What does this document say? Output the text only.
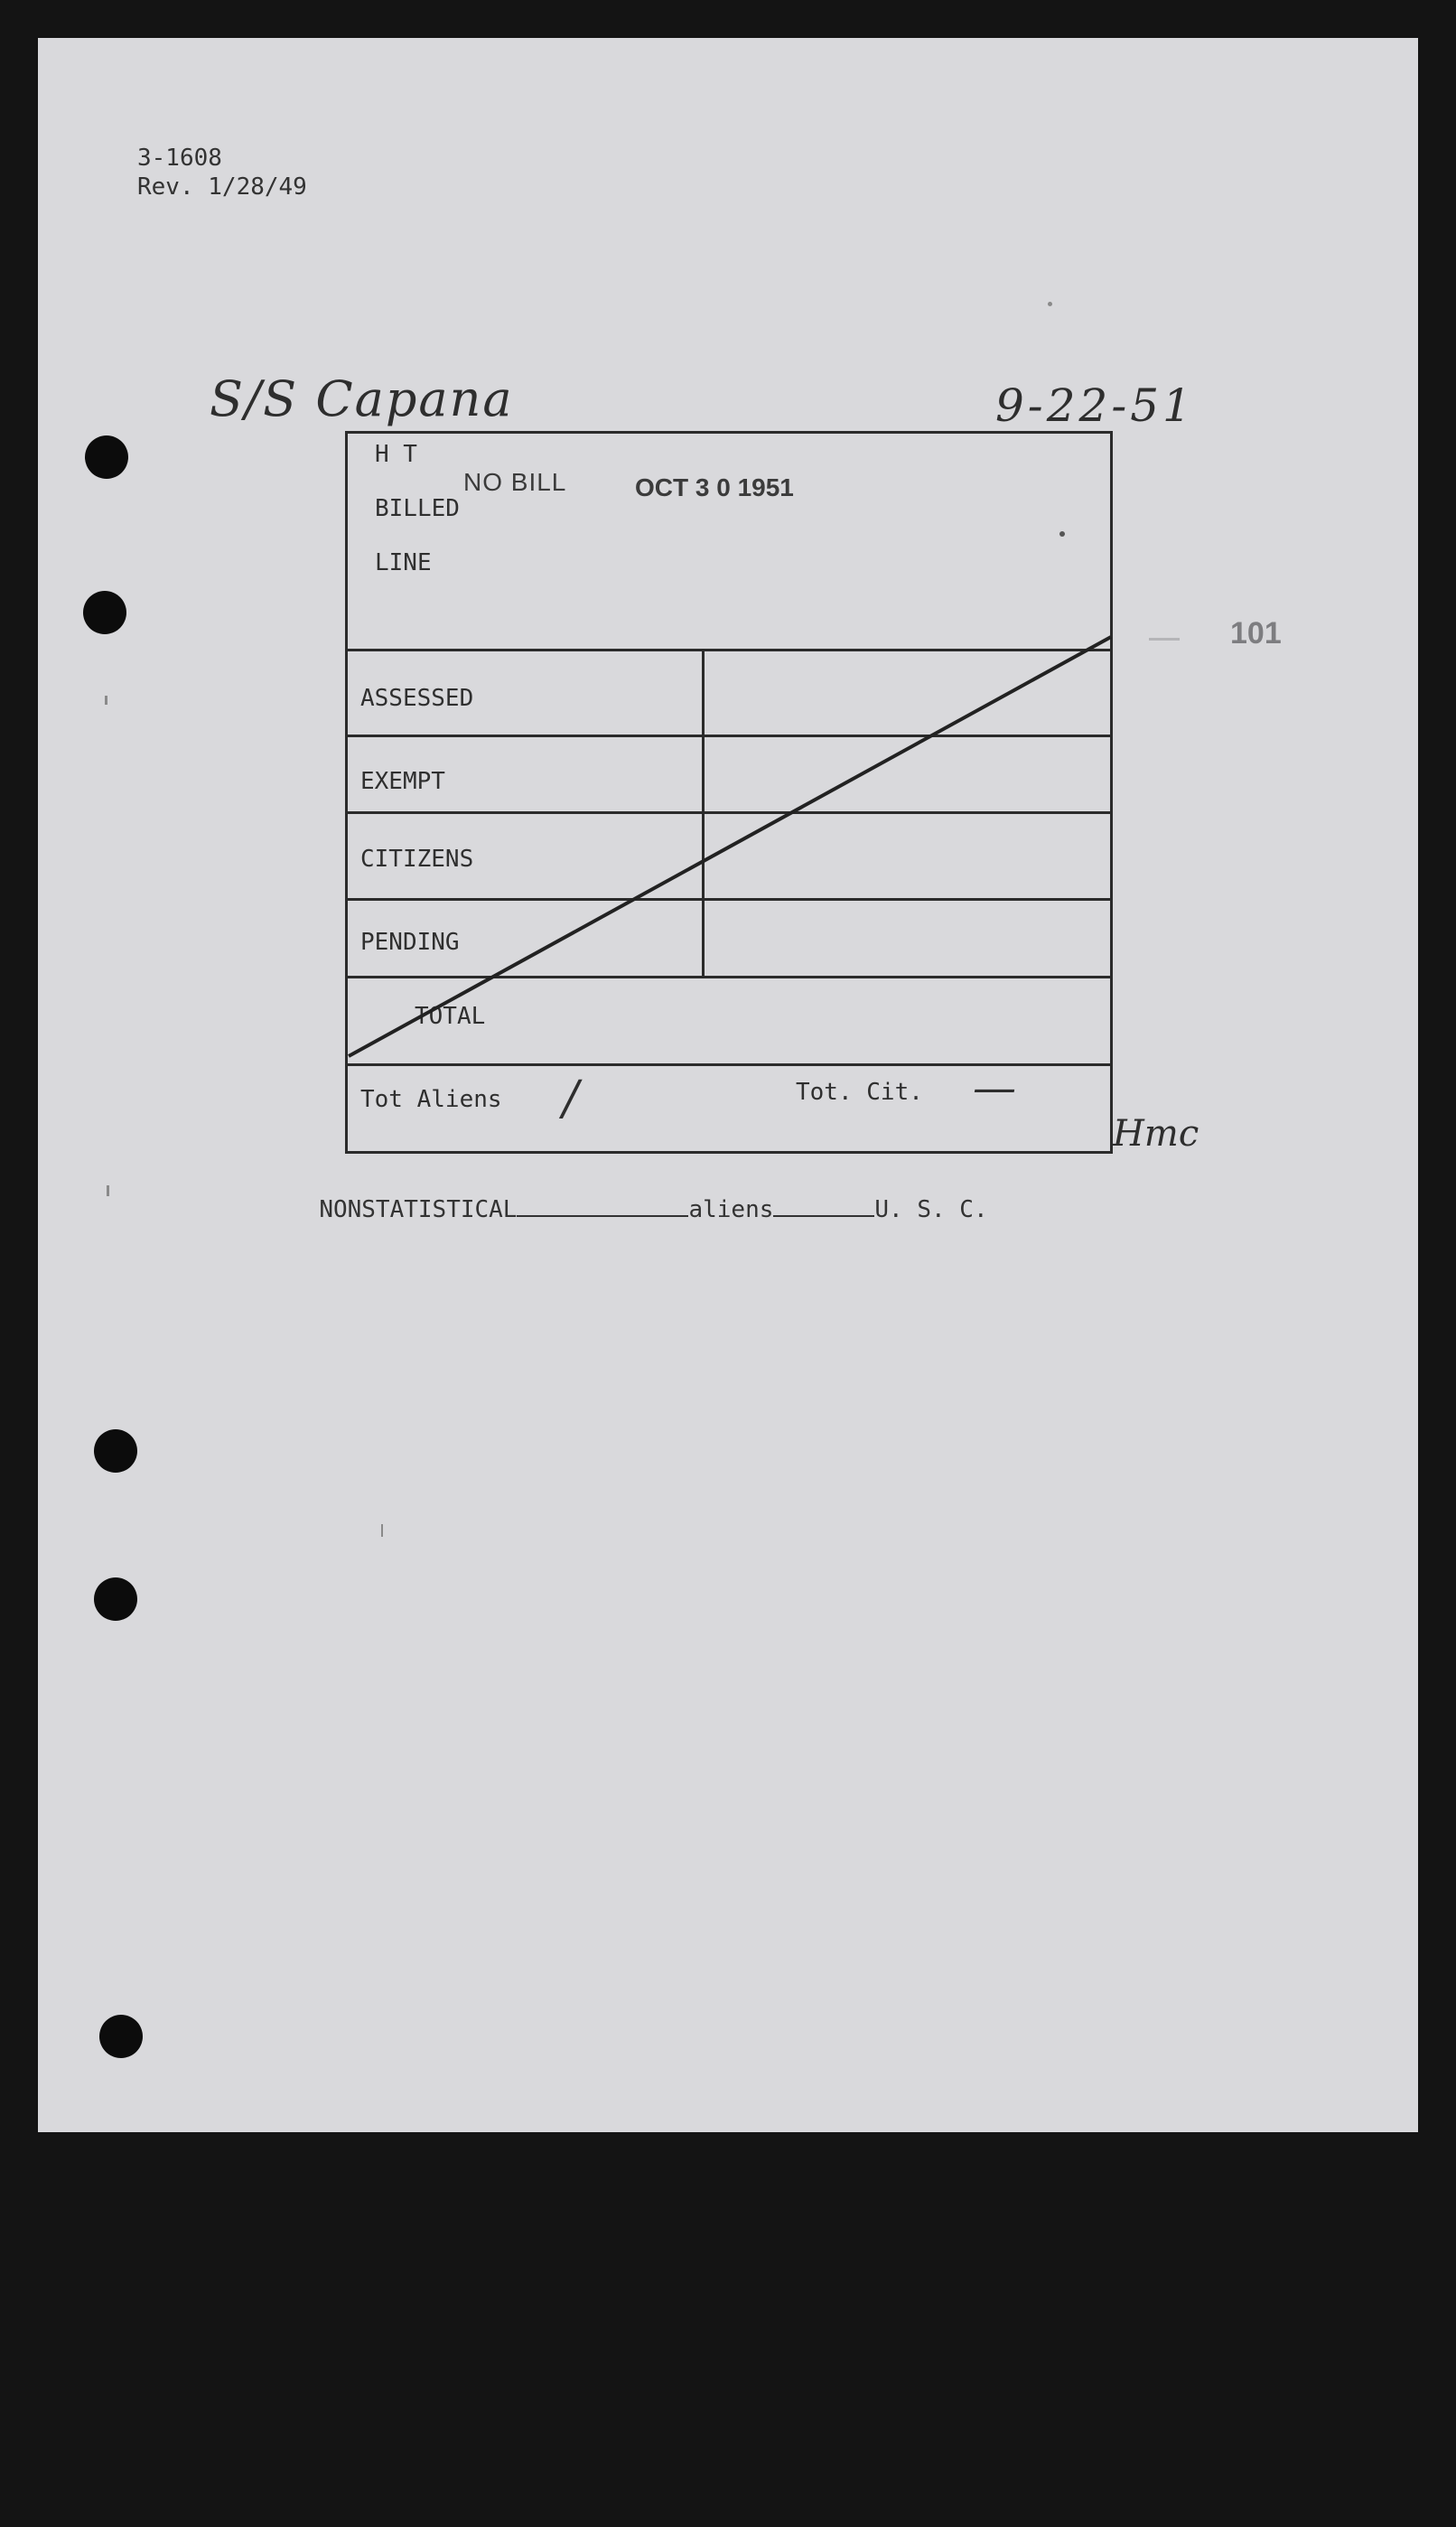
3-1608
Rev. 1/28/49
S/S Capana	9-22-51
101
H T
BILLED
LINE
NO BILL	OCT 3 0 1951
ASSESSED
EXEMPT
CITIZENS
PENDING
TOTAL
Tot Aliens /	Tot. Cit. —
Hmc

NONSTATISTICAL	aliens	U. S. C.
